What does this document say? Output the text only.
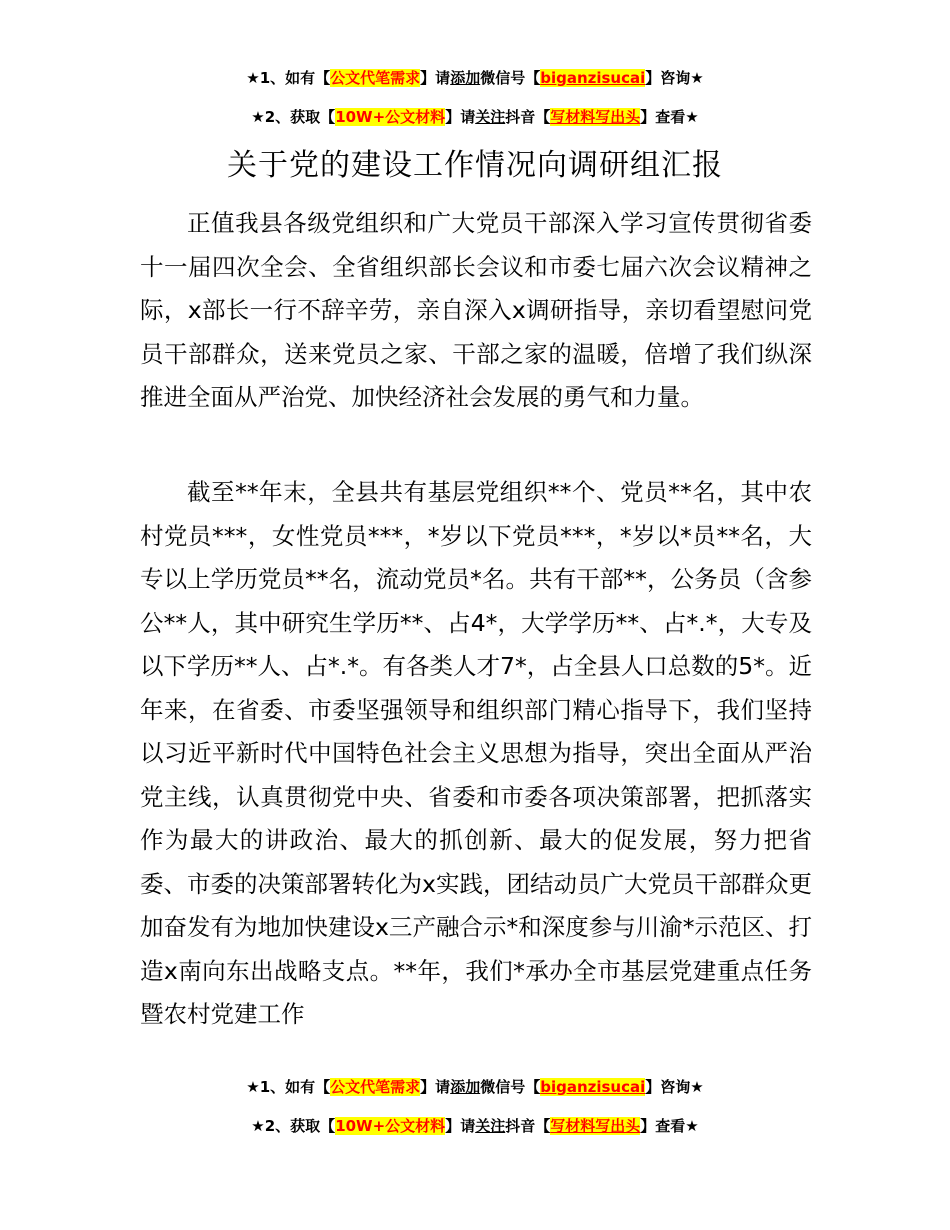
★1、如有【公文代笔需求】请添加微信号【biganzisucai】咨询★
★2、获取【10W+公文材料】请关注抖音【写材料写出头】查看★
关于党的建设工作情况向调研组汇报

正值我县各级党组织和广大党员干部深入学习宣传贯彻省委十一届四次全会、全省组织部长会议和市委七届六次会议精神之际，x部长一行不辞辛劳，亲自深入x调研指导，亲切看望慰问党员干部群众，送来党员之家、干部之家的温暖，倍增了我们纵深推进全面从严治党、加快经济社会发展的勇气和力量。

截至**年末，全县共有基层党组织**个、党员**名，其中农村党员***，女性党员***，*岁以下党员***，*岁以*员**名，大专以上学历党员**名，流动党员*名。共有干部**，公务员（含参公**人，其中研究生学历**、占4*，大学学历**、占*.*，大专及以下学历**人、占*.*。有各类人才7*，占全县人口总数的5*。近年来，在省委、市委坚强领导和组织部门精心指导下，我们坚持以习近平新时代中国特色社会主义思想为指导，突出全面从严治党主线，认真贯彻党中央、省委和市委各项决策部署，把抓落实作为最大的讲政治、最大的抓创新、最大的促发展，努力把省委、市委的决策部署转化为x实践，团结动员广大党员干部群众更加奋发有为地加快建设x三产融合示*和深度参与川渝*示范区、打造x南向东出战略支点。**年，我们*承办全市基层党建重点任务暨农村党建工作

★1、如有【公文代笔需求】请添加微信号【biganzisucai】咨询★
★2、获取【10W+公文材料】请关注抖音【写材料写出头】查看★
